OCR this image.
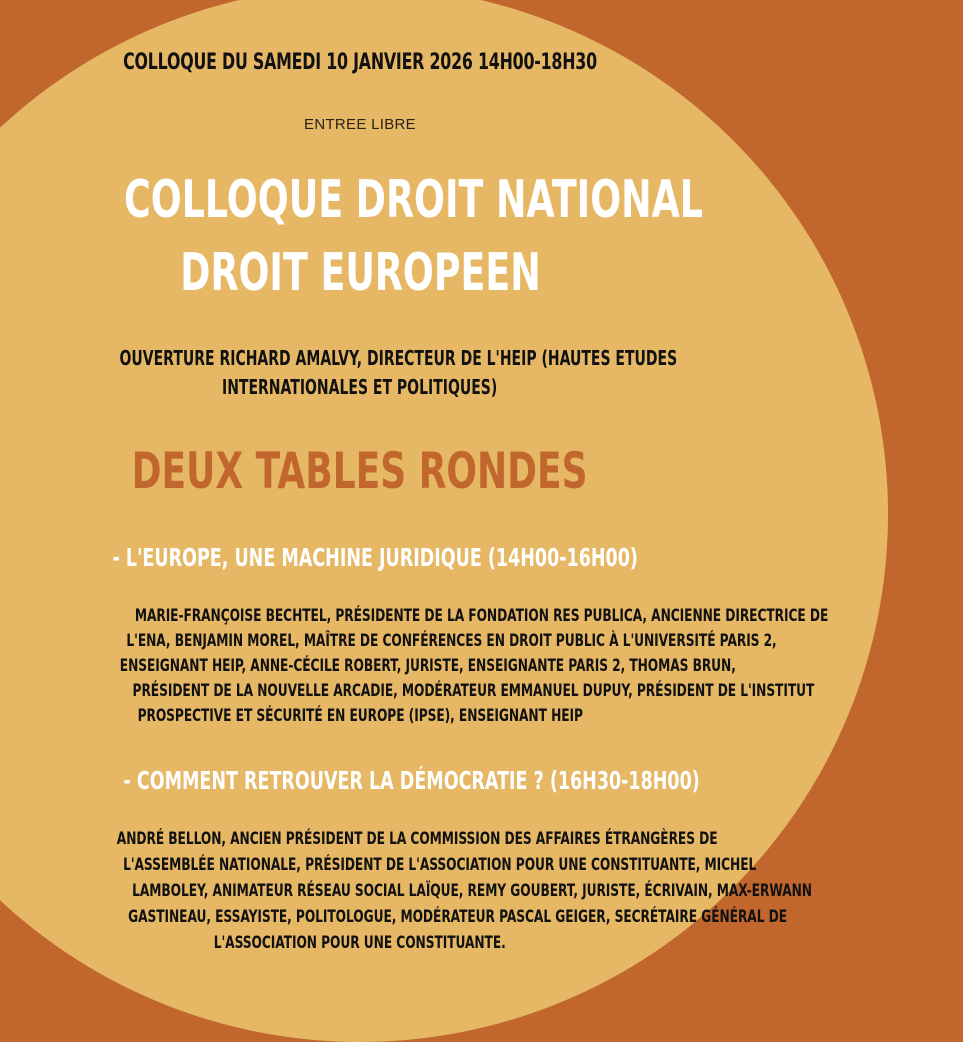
COLLOQUE DU SAMEDI 10 JANVIER 2026 14H00-18H30
ENTREE LIBRE
COLLOQUE DROIT NATIONAL
DROIT EUROPEEN
OUVERTURE RICHARD AMALVY, DIRECTEUR DE L'HEIP (HAUTES ETUDES
INTERNATIONALES ET POLITIQUES)
DEUX TABLES RONDES
- L'EUROPE, UNE MACHINE JURIDIQUE (14H00-16H00)
MARIE-FRANÇOISE BECHTEL, PRÉSIDENTE DE LA FONDATION RES PUBLICA, ANCIENNE DIRECTRICE DE
L'ENA, BENJAMIN MOREL, MAÎTRE DE CONFÉRENCES EN DROIT PUBLIC À L'UNIVERSITÉ PARIS 2,
ENSEIGNANT HEIP, ANNE-CÉCILE ROBERT, JURISTE, ENSEIGNANTE PARIS 2, THOMAS BRUN,
PRÉSIDENT DE LA NOUVELLE ARCADIE, MODÉRATEUR EMMANUEL DUPUY, PRÉSIDENT DE L'INSTITUT
PROSPECTIVE ET SÉCURITÉ EN EUROPE (IPSE), ENSEIGNANT HEIP
- COMMENT RETROUVER LA DÉMOCRATIE ? (16H30-18H00)
ANDRÉ BELLON, ANCIEN PRÉSIDENT DE LA COMMISSION DES AFFAIRES ÉTRANGÈRES DE
L'ASSEMBLÉE NATIONALE, PRÉSIDENT DE L'ASSOCIATION POUR UNE CONSTITUANTE, MICHEL
LAMBOLEY, ANIMATEUR RÉSEAU SOCIAL LAÏQUE, REMY GOUBERT, JURISTE, ÉCRIVAIN, MAX-ERWANN
GASTINEAU, ESSAYISTE, POLITOLOGUE, MODÉRATEUR PASCAL GEIGER, SECRÉTAIRE GÉNÉRAL DE
L'ASSOCIATION POUR UNE CONSTITUANTE.
